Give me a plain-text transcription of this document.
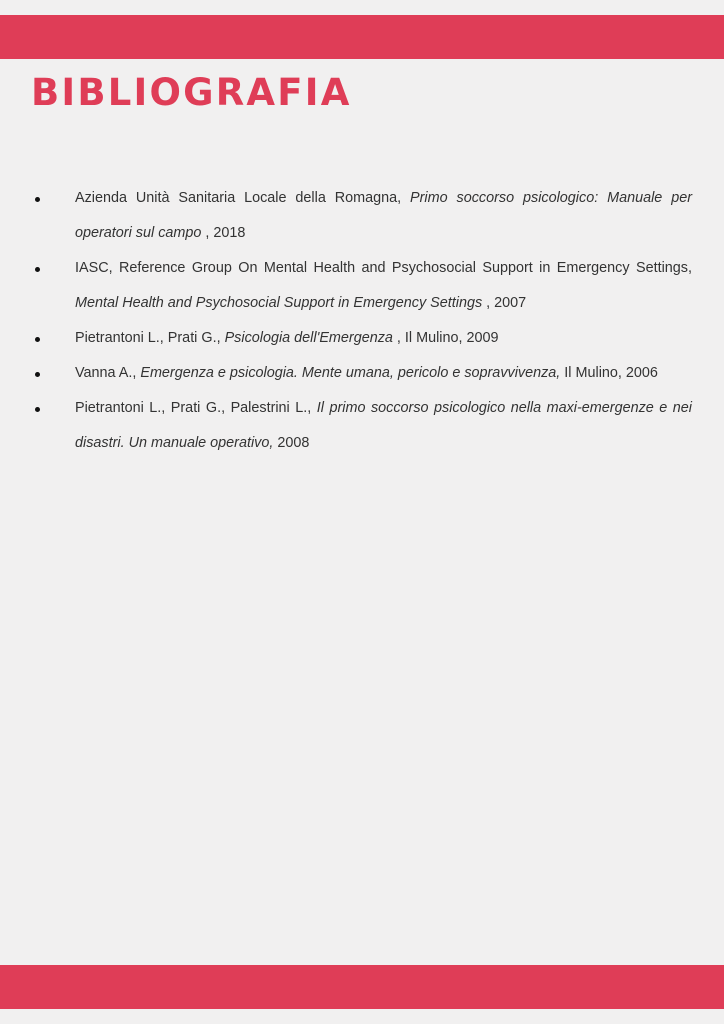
BIBLIOGRAFIA
Azienda Unità Sanitaria Locale della Romagna, Primo soccorso psicologico: Manuale per operatori sul campo , 2018
IASC, Reference Group On Mental Health and Psychosocial Support in Emergency Settings, Mental Health and Psychosocial Support in Emergency Settings , 2007
Pietrantoni L., Prati G., Psicologia dell'Emergenza , Il Mulino, 2009
Vanna A., Emergenza e psicologia. Mente umana, pericolo e sopravvivenza, Il Mulino, 2006
Pietrantoni L., Prati G., Palestrini L., Il primo soccorso psicologico nella maxi-emergenze e nei disastri. Un manuale operativo, 2008
